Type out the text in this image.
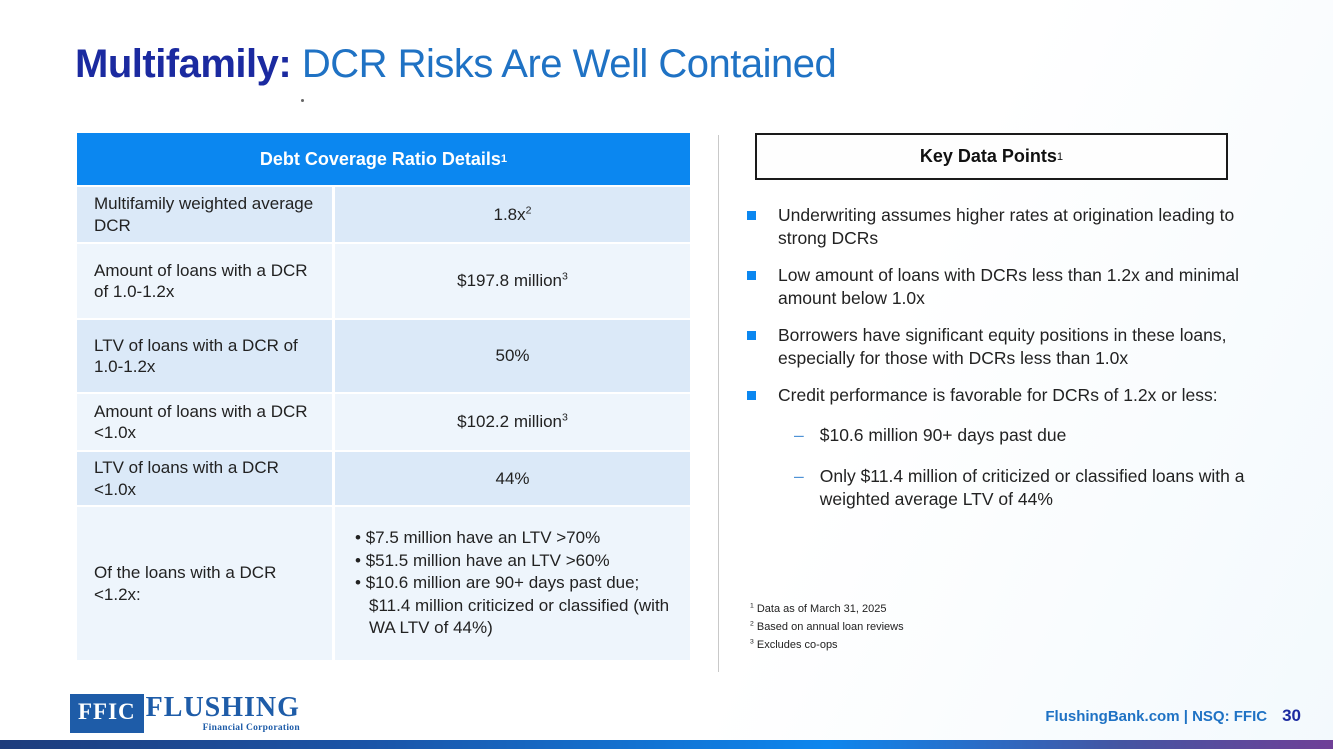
Multifamily: DCR Risks Are Well Contained
Debt Coverage Ratio Details 1
Multifamily weighted average DCR
$1.8x^2$
Amount of loans with a DCR of 1.0-1.2x
$197.8 million$^3$
LTV of loans with a DCR of 1.0-1.2x
50%
Amount of loans with a DCR <1.0x
$102.2 million$^3$
LTV of loans with a DCR <1.0x
44%
Of the loans with a DCR <1.2x:
• $7.5 million have an LTV >70%
• $51.5 million have an LTV >60%
• $10.6 million are 90+ days past due; $11.4 million criticized or classified (with WA LTV of 44%)
Key Data Points 1
Underwriting assumes higher rates at origination leading to strong DCRs
Low amount of loans with DCRs less than 1.2x and minimal amount below 1.0x
Borrowers have significant equity positions in these loans, especially for those with DCRs less than 1.0x
Credit performance is favorable for DCRs of 1.2x or less:
– $10.6 million 90+ days past due
– Only $11.4 million of criticized or classified loans with a weighted average LTV of 44%
$^1$ Data as of March 31, 2025
$^2$ Based on annual loan reviews
$^3$ Excludes co-ops
FFIC FLUSHING
Financial Corporation
FlushingBank.com | NSQ: FFIC 30
